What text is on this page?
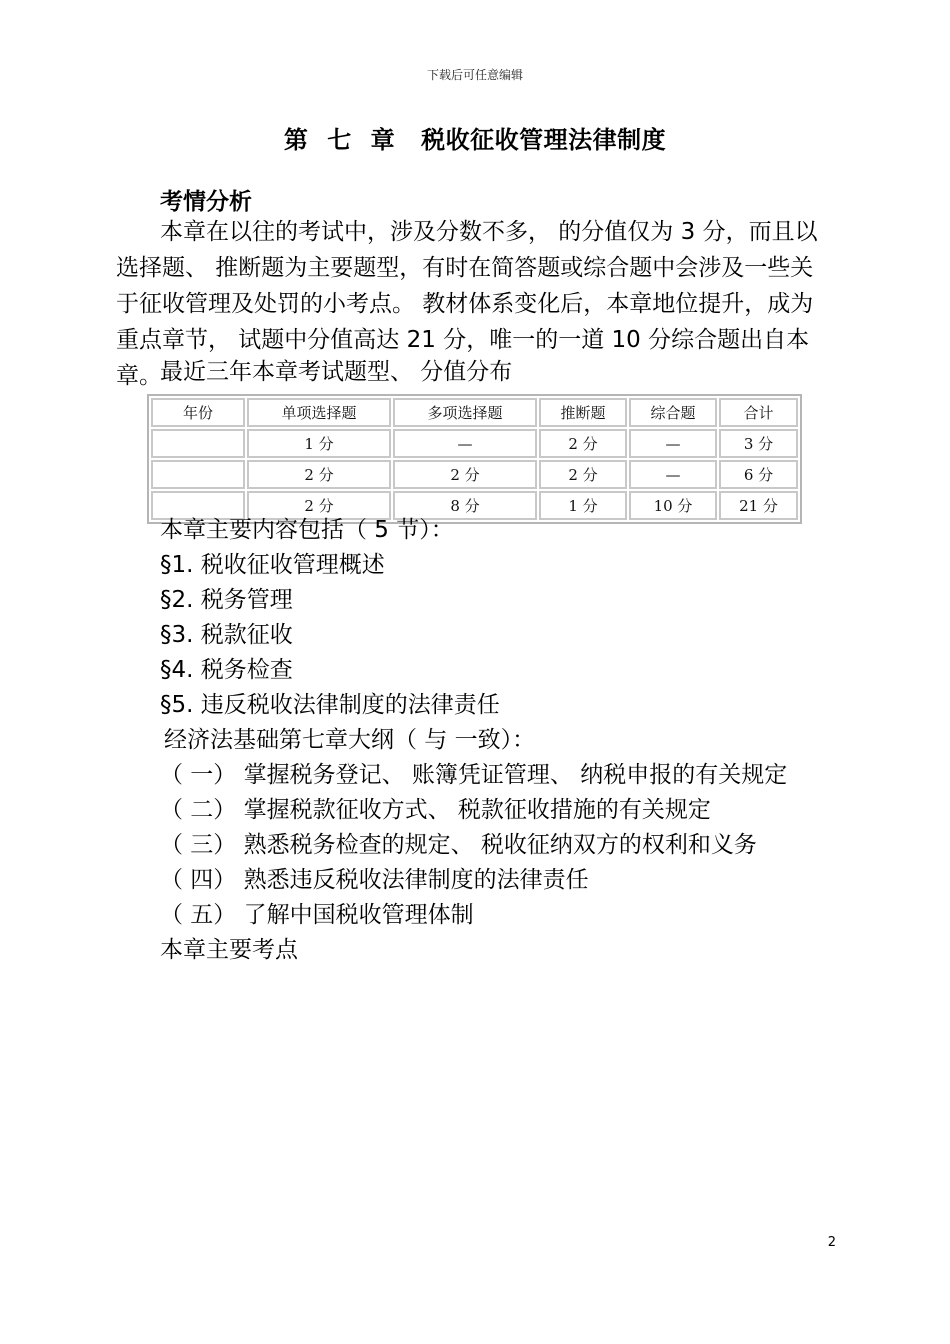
下载后可任意编辑
第 七 章 税收征收管理法律制度
考情分析

本章在以往的考试中，涉及分数不多， 的分值仅为 3 分，而且以

选择题、 推断题为主要题型，有时在简答题或综合题中会涉及一些关

于征收管理及处罚的小考点。 教材体系变化后，本章地位提升，成为

重点章节， 试题中分值高达 21 分，唯一的一道 10 分综合题出自本章。

最近三年本章考试题型、 分值分布
年份	单项选择题	多项选择题	推断题	综合题	合计
	1 分	—	2 分	—	3 分
	2 分	2 分	2 分	—	6 分
	2 分	8 分	1 分	10 分	21 分
本章主要内容包括（ 5 节）：
§1. 税收征收管理概述
§2. 税务管理
§3. 税款征收
§4. 税务检查
§5. 违反税收法律制度的法律责任
经济法基础第七章大纲（ 与 一致）：
（ 一） 掌握税务登记、 账簿凭证管理、 纳税申报的有关规定
（ 二） 掌握税款征收方式、 税款征收措施的有关规定
（ 三） 熟悉税务检查的规定、 税收征纳双方的权利和义务
（ 四） 熟悉违反税收法律制度的法律责任
（ 五） 了解中国税收管理体制
本章主要考点
2
